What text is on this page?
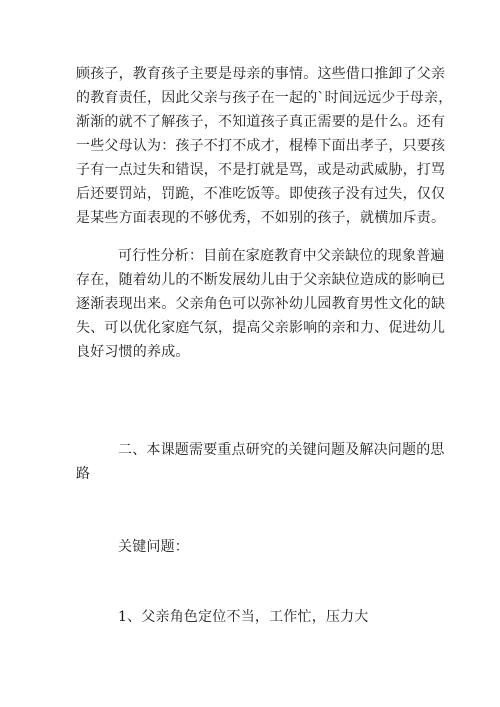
顾孩子，教育孩子主要是母亲的事情。这些借口推卸了父亲
的教育责任，因此父亲与孩子在一起的`时间远远少于母亲，
渐渐的就不了解孩子，不知道孩子真正需要的是什么。还有
一些父母认为：孩子不打不成才，棍棒下面出孝子，只要孩
子有一点过失和错误，不是打就是骂，或是动武威胁，打骂
后还要罚站，罚跪，不准吃饭等。即使孩子没有过失，仅仅
是某些方面表现的不够优秀，不如别的孩子，就横加斥责。

可行性分析：目前在家庭教育中父亲缺位的现象普遍
存在，随着幼儿的不断发展幼儿由于父亲缺位造成的影响已
逐渐表现出来。父亲角色可以弥补幼儿园教育男性文化的缺
失、可以优化家庭气氛，提高父亲影响的亲和力、促进幼儿
良好习惯的养成。

二、本课题需要重点研究的关键问题及解决问题的思
路

关键问题：

1、父亲角色定位不当，工作忙，压力大
